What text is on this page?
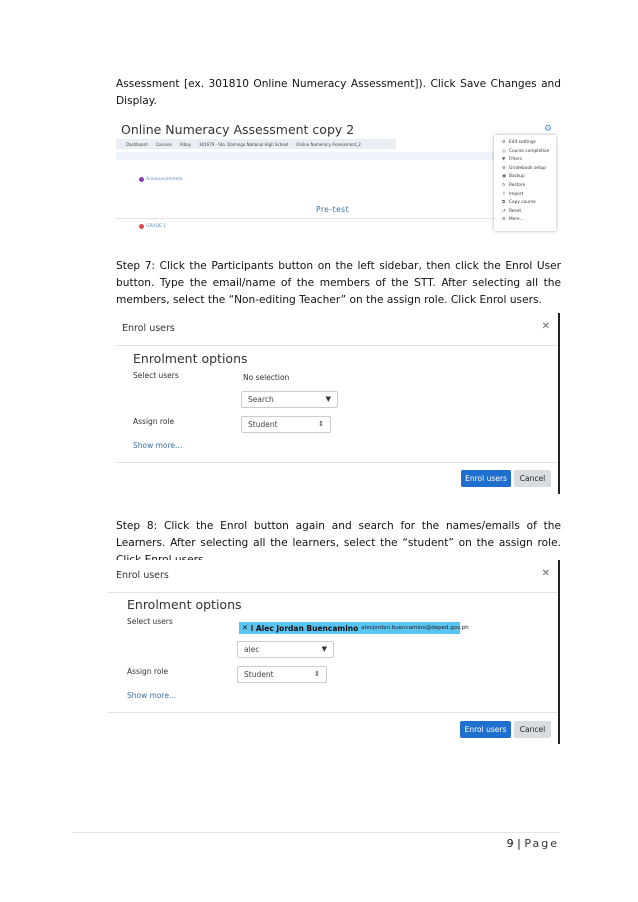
Assessment [ex. 301810 Online Numeracy Assessment]). Click Save Changes and Display.

Online Numeracy Assessment copy 2	⚙
Dashboard Courses Albay 301679 - Sto. Domingo National High School Online Numeracy Assessment_2
Announcements
Pre-test
GRADE 1
⚙ Edit settings
◎ Course completion
▼ Filters
⚙ Gradebook setup
▣ Backup
↻ Restore
⇧ Import
⧉ Copy course
↺ Reset
⚙ More...

Step 7: Click the Participants button on the left sidebar, then click the Enrol User button. Type the email/name of the members of the STT. After selecting all the members, select the “Non-editing Teacher” on the assign role. Click Enrol users.

Enrol users	✕
Enrolment options
Select users	No selection
Search	▼
Assign role	Student	⇕
Show more...
Enrol users	Cancel

Step 8: Click the Enrol button again and search for the names/emails of the Learners. After selecting all the learners, select the “student” on the assign role.

Enrol users	✕
Enrolment options
Select users
✕ Alec Jordan Buencamino alecjordan.buencamino@deped.gov.ph
alec	▼
Assign role	Student	⇕
Show more...
Enrol users	Cancel
9 | Page
